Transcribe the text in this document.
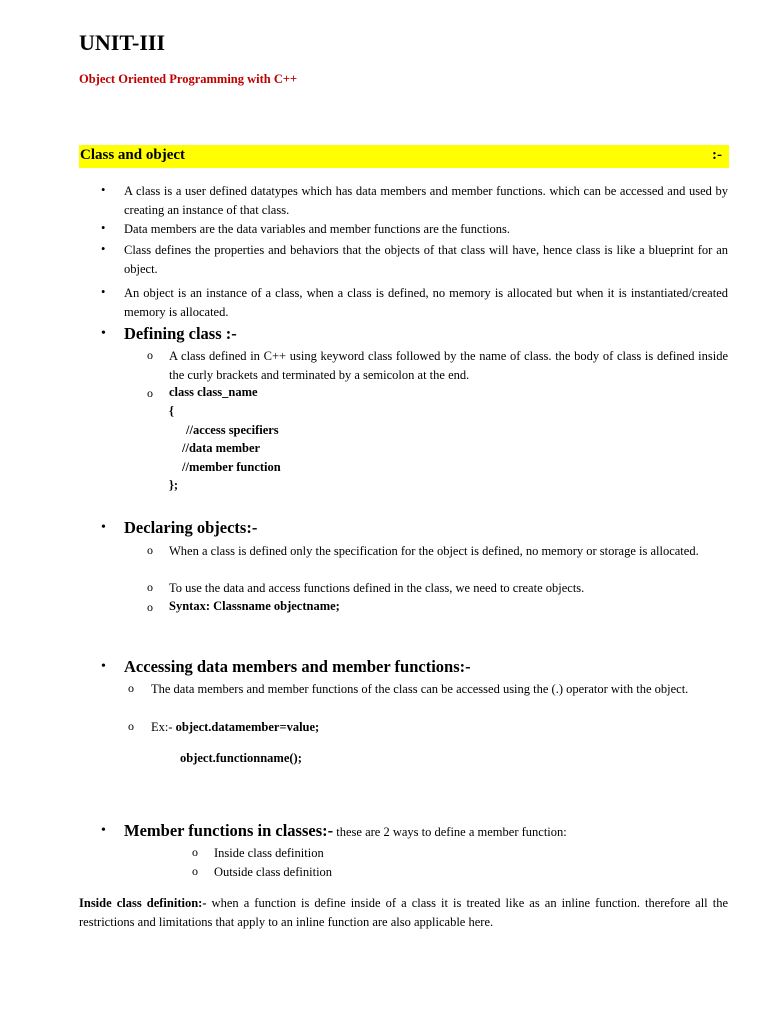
UNIT-III
Object Oriented Programming with C++
Class and object	:-
• A class is a user defined datatypes which has data members and member functions. which can be accessed and used by creating an instance of that class.
• Data members are the data variables and member functions are the functions.
• Class defines the properties and behaviors that the objects of that class will have, hence class is like a blueprint for an object.
• An object is an instance of a class, when a class is defined, no memory is allocated but when it is instantiated/created memory is allocated.
• Defining class :-
o A class defined in C++ using keyword class followed by the name of class. the body of class is defined inside the curly brackets and terminated by a semicolon at the end.
o class class_name
{
//access specifiers
//data member
//member function
};
• Declaring objects:-
o When a class is defined only the specification for the object is defined, no memory or storage is allocated.
o To use the data and access functions defined in the class, we need to create objects.
o Syntax: Classname objectname;
• Accessing data members and member functions:-
o The data members and member functions of the class can be accessed using the (.) operator with the object.
o Ex:- object.datamember=value;
object.functionname();
• Member functions in classes:- these are 2 ways to define a member function:
o Inside class definition
o Outside class definition
Inside class definition:- when a function is define inside of a class it is treated like as an inline function. therefore all the restrictions and limitations that apply to an inline function are also applicable here.
